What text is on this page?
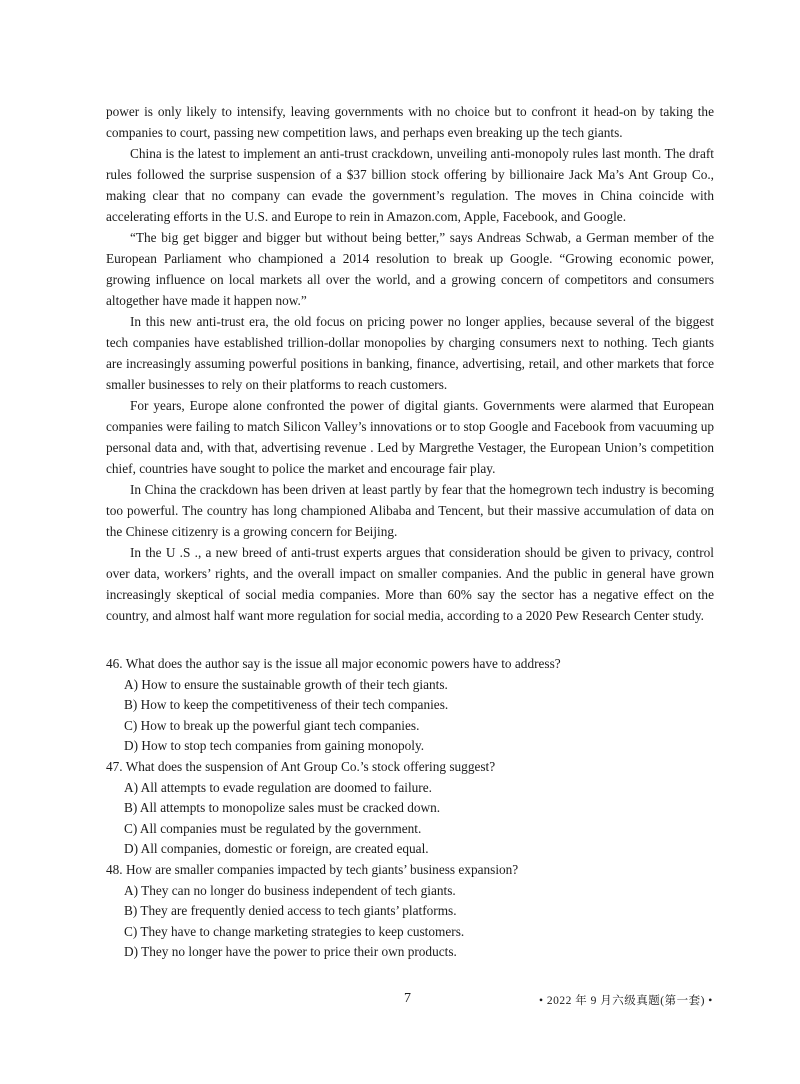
power is only likely to intensify, leaving governments with no choice but to confront it head-on by taking the companies to court, passing new competition laws, and perhaps even breaking up the tech giants.

China is the latest to implement an anti-trust crackdown, unveiling anti-monopoly rules last month. The draft rules followed the surprise suspension of a $37 billion stock offering by billionaire Jack Ma’s Ant Group Co., making clear that no company can evade the government’s regulation. The moves in China coincide with accelerating efforts in the U.S. and Europe to rein in Amazon.com, Apple, Facebook, and Google.

“The big get bigger and bigger but without being better,” says Andreas Schwab, a German member of the European Parliament who championed a 2014 resolution to break up Google. “Growing economic power, growing influence on local markets all over the world, and a growing concern of competitors and consumers altogether have made it happen now.”

In this new anti-trust era, the old focus on pricing power no longer applies, because several of the biggest tech companies have established trillion-dollar monopolies by charging consumers next to nothing. Tech giants are increasingly assuming powerful positions in banking, finance, advertising, retail, and other markets that force smaller businesses to rely on their platforms to reach customers.

For years, Europe alone confronted the power of digital giants. Governments were alarmed that European companies were failing to match Silicon Valley’s innovations or to stop Google and Facebook from vacuuming up personal data and, with that, advertising revenue . Led by Margrethe Vestager, the European Union’s competition chief, countries have sought to police the market and encourage fair play.

In China the crackdown has been driven at least partly by fear that the homegrown tech industry is becoming too powerful. The country has long championed Alibaba and Tencent, but their massive accumulation of data on the Chinese citizenry is a growing concern for Beijing.

In the U .S ., a new breed of anti-trust experts argues that consideration should be given to privacy, control over data, workers’ rights, and the overall impact on smaller companies. And the public in general have grown increasingly skeptical of social media companies. More than 60% say the sector has a negative effect on the country, and almost half want more regulation for social media, according to a 2020 Pew Research Center study.

46. What does the author say is the issue all major economic powers have to address?

A) How to ensure the sustainable growth of their tech giants.

B) How to keep the competitiveness of their tech companies.

C) How to break up the powerful giant tech companies.

D) How to stop tech companies from gaining monopoly.

47. What does the suspension of Ant Group Co.’s stock offering suggest?

A) All attempts to evade regulation are doomed to failure.

B) All attempts to monopolize sales must be cracked down.

C) All companies must be regulated by the government.

D) All companies, domestic or foreign, are created equal.

48. How are smaller companies impacted by tech giants’ business expansion?

A) They can no longer do business independent of tech giants.

B) They are frequently denied access to tech giants’ platforms.

C) They have to change marketing strategies to keep customers.

D) They no longer have the power to price their own products.

7	• 2022 年 9 月六级真题(第一套) •
